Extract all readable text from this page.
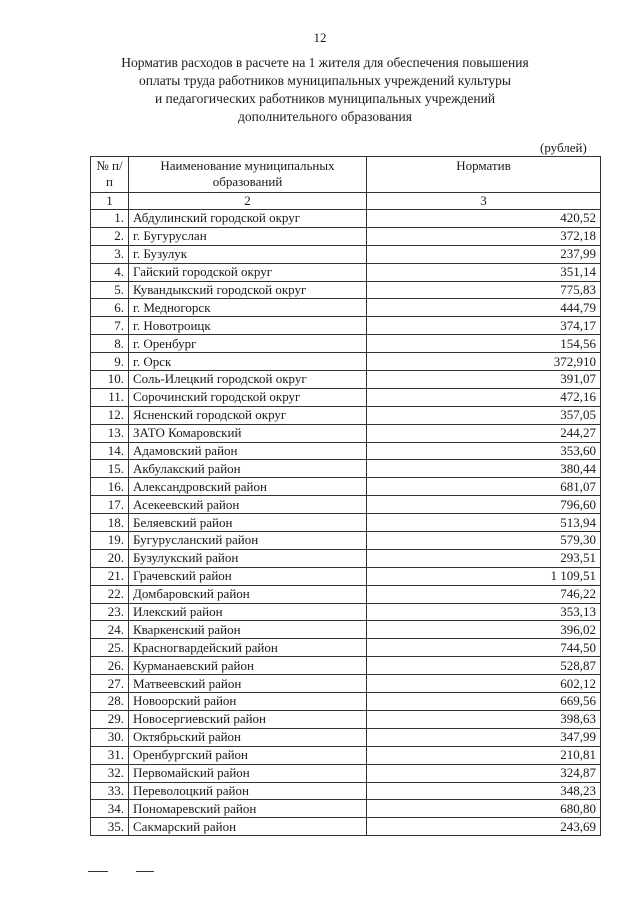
12
Норматив расходов в расчете на 1 жителя для обеспечения повышения
оплаты труда работников муниципальных учреждений культуры
и педагогических работников муниципальных учреждений
дополнительного образования
(рублей)
№ п/п	Наименование муниципальных образований	Норматив
1	2	3
1.	Абдулинский городской округ	420,52
2.	г. Бугуруслан	372,18
3.	г. Бузулук	237,99
4.	Гайский городской округ	351,14
5.	Кувандыкский городской округ	775,83
6.	г. Медногорск	444,79
7.	г. Новотроицк	374,17
8.	г. Оренбург	154,56
9.	г. Орск	372,910
10.	Соль-Илецкий городской округ	391,07
11.	Сорочинский городской округ	472,16
12.	Ясненский городской округ	357,05
13.	ЗАТО Комаровский	244,27
14.	Адамовский район	353,60
15.	Акбулакский район	380,44
16.	Александровский район	681,07
17.	Асекеевский район	796,60
18.	Беляевский район	513,94
19.	Бугурусланский район	579,30
20.	Бузулукский район	293,51
21.	Грачевский район	1 109,51
22.	Домбаровский район	746,22
23.	Илекский район	353,13
24.	Кваркенский район	396,02
25.	Красногвардейский район	744,50
26.	Курманаевский район	528,87
27.	Матвеевский район	602,12
28.	Новоорский район	669,56
29.	Новосергиевский район	398,63
30.	Октябрьский район	347,99
31.	Оренбургский район	210,81
32.	Первомайский район	324,87
33.	Переволоцкий район	348,23
34.	Пономаревский район	680,80
35.	Сакмарский район	243,69
